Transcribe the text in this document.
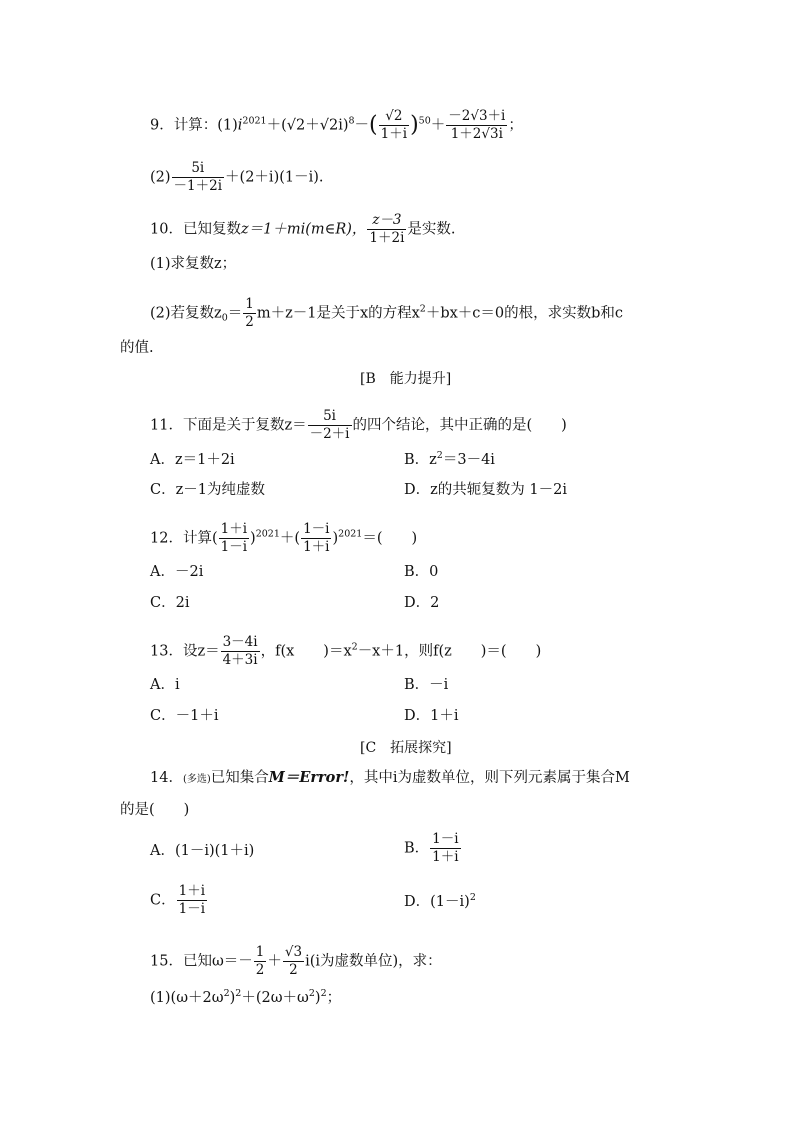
9．计算：$(1)i^{2021}+(√2+√2i)^8-( \frac{√2}{1+i} )^{50}+ \frac{-2√3+i}{1+2√3i}$ ；
$(2) \frac{5i}{-1+2i} +(2+i)(1-i)$.
10．已知复数z＝1＋mi(m∈R)， $\frac{z-3}{1+2i}$ 是实数.
(1)求复数z；
(2)若复数$z_0= \frac{1}{2} m+z-1$是关于x的方程$x^2+bx+c=0$的根，求实数b和c
的值.
[B　能力提升]
11．下面是关于复数$z= \frac{5i}{-2+i}$ 的四个结论，其中正确的是(　　)
A．z＝1＋2i	B．$z^2=3-4i$
C．z－1为纯虚数	D．z的共轭复数为 1－2i
12．计算( $\frac{1+i}{1-i} )^{2021}+( \frac{1-i}{1+i} )^{2021}=$(　　)
A．－2i	B．0
C．2i	D．2
13．设$z= \frac{3-4i}{4+3i}$ ，f(x　　)$=x^2-x+1$，则f(z　　)＝(　　)
A．i	B．－i
C．－1＋i	D．1＋i
[C　拓展探究]
14．(多选)已知集合M＝Error!，其中i为虚数单位，则下列元素属于集合M
的是(　　)
A．(1－i)(1＋i)	B． $\frac{1-i}{1+i}$
C． $\frac{1+i}{1-i}$	D．$(1-i)^2$
15．已知$\omega=- \frac{1}{2} + \frac{√3}{2} i(i$为虚数单位)，求：
$(1)(\omega+2\omega^2)^2+(2\omega+\omega^2)^2$；
